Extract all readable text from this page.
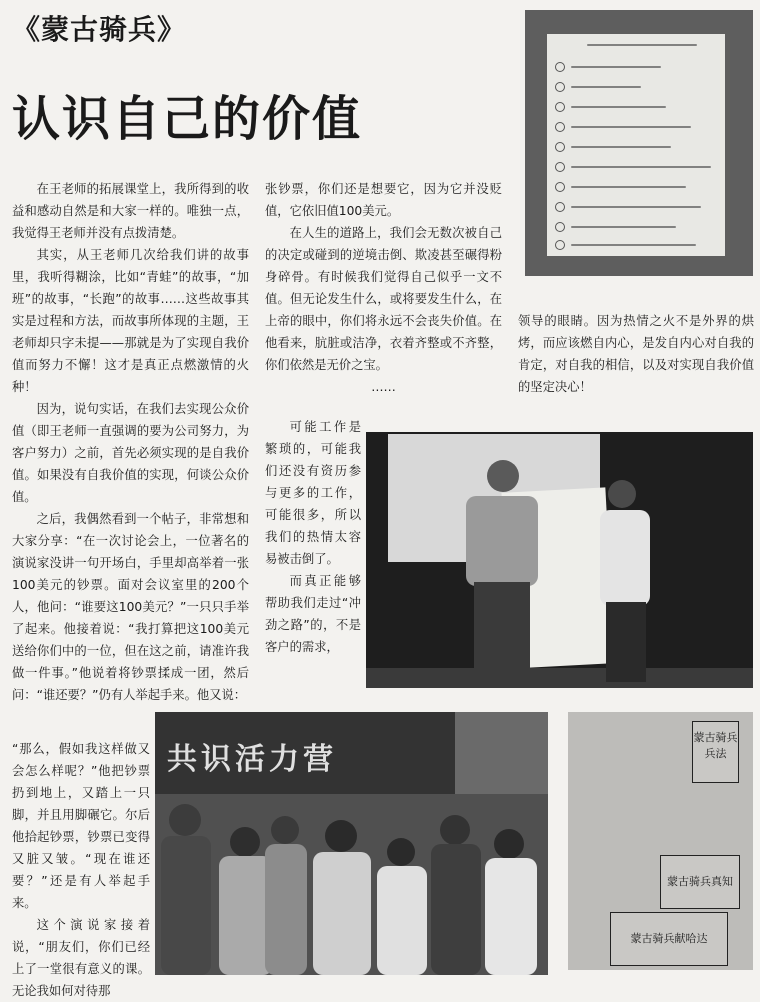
《蒙古骑兵》
认识自己的价值

在王老师的拓展课堂上，我所得到的收益和感动自然是和大家一样的。唯独一点，我觉得王老师并没有点拨清楚。

其实，从王老师几次给我们讲的故事里，我听得糊涂，比如“青蛙”的故事，“加班”的故事，“长跑”的故事……这些故事其实是过程和方法，而故事所体现的主题，王老师却只字未提——那就是为了实现自我价值而努力不懈！这才是真正点燃激情的火种！

因为，说句实话，在我们去实现公众价值（即王老师一直强调的要为公司努力，为客户努力）之前，首先必须实现的是自我价值。如果没有自我价值的实现，何谈公众价值。

之后，我偶然看到一个帖子，非常想和大家分享：“在一次讨论会上，一位著名的演说家没讲一句开场白，手里却高举着一张100美元的钞票。面对会议室里的200个人，他问：“谁要这100美元？”一只只手举了起来。他接着说：“我打算把这100美元送给你们中的一位，但在这之前，请准许我做一件事。”他说着将钞票揉成一团，然后问：“谁还要？”仍有人举起手来。他又说：

“那么，假如我这样做又会怎么样呢？”他把钞票扔到地上，又踏上一只脚，并且用脚碾它。尔后他拾起钞票，钞票已变得又脏又皱。“现在谁还要？”还是有人举起手来。

这个演说家接着说，“朋友们，你们已经上了一堂很有意义的课。无论我如何对待那

张钞票，你们还是想要它，因为它并没贬值，它依旧值100美元。

在人生的道路上，我们会无数次被自己的决定或碰到的逆境击倒、欺凌甚至碾得粉身碎骨。有时候我们觉得自己似乎一文不值。但无论发生什么，或将要发生什么，在上帝的眼中，你们将永远不会丧失价值。在他看来，肮脏或洁净，衣着齐整或不齐整，你们依然是无价之宝。

……

可能工作是繁琐的，可能我们还没有资历参与更多的工作，可能很多，所以我们的热情太容易被击倒了。

而真正能够帮助我们走过“冲劲之路”的，不是客户的需求，

领导的眼睛。因为热情之火不是外界的烘烤，而应该燃自内心，是发自内心对自我的肯定，对自我的相信，以及对实现自我价值的坚定决心！

共识活力营
蒙古骑兵兵法
蒙古骑兵真知
蒙古骑兵献哈达
